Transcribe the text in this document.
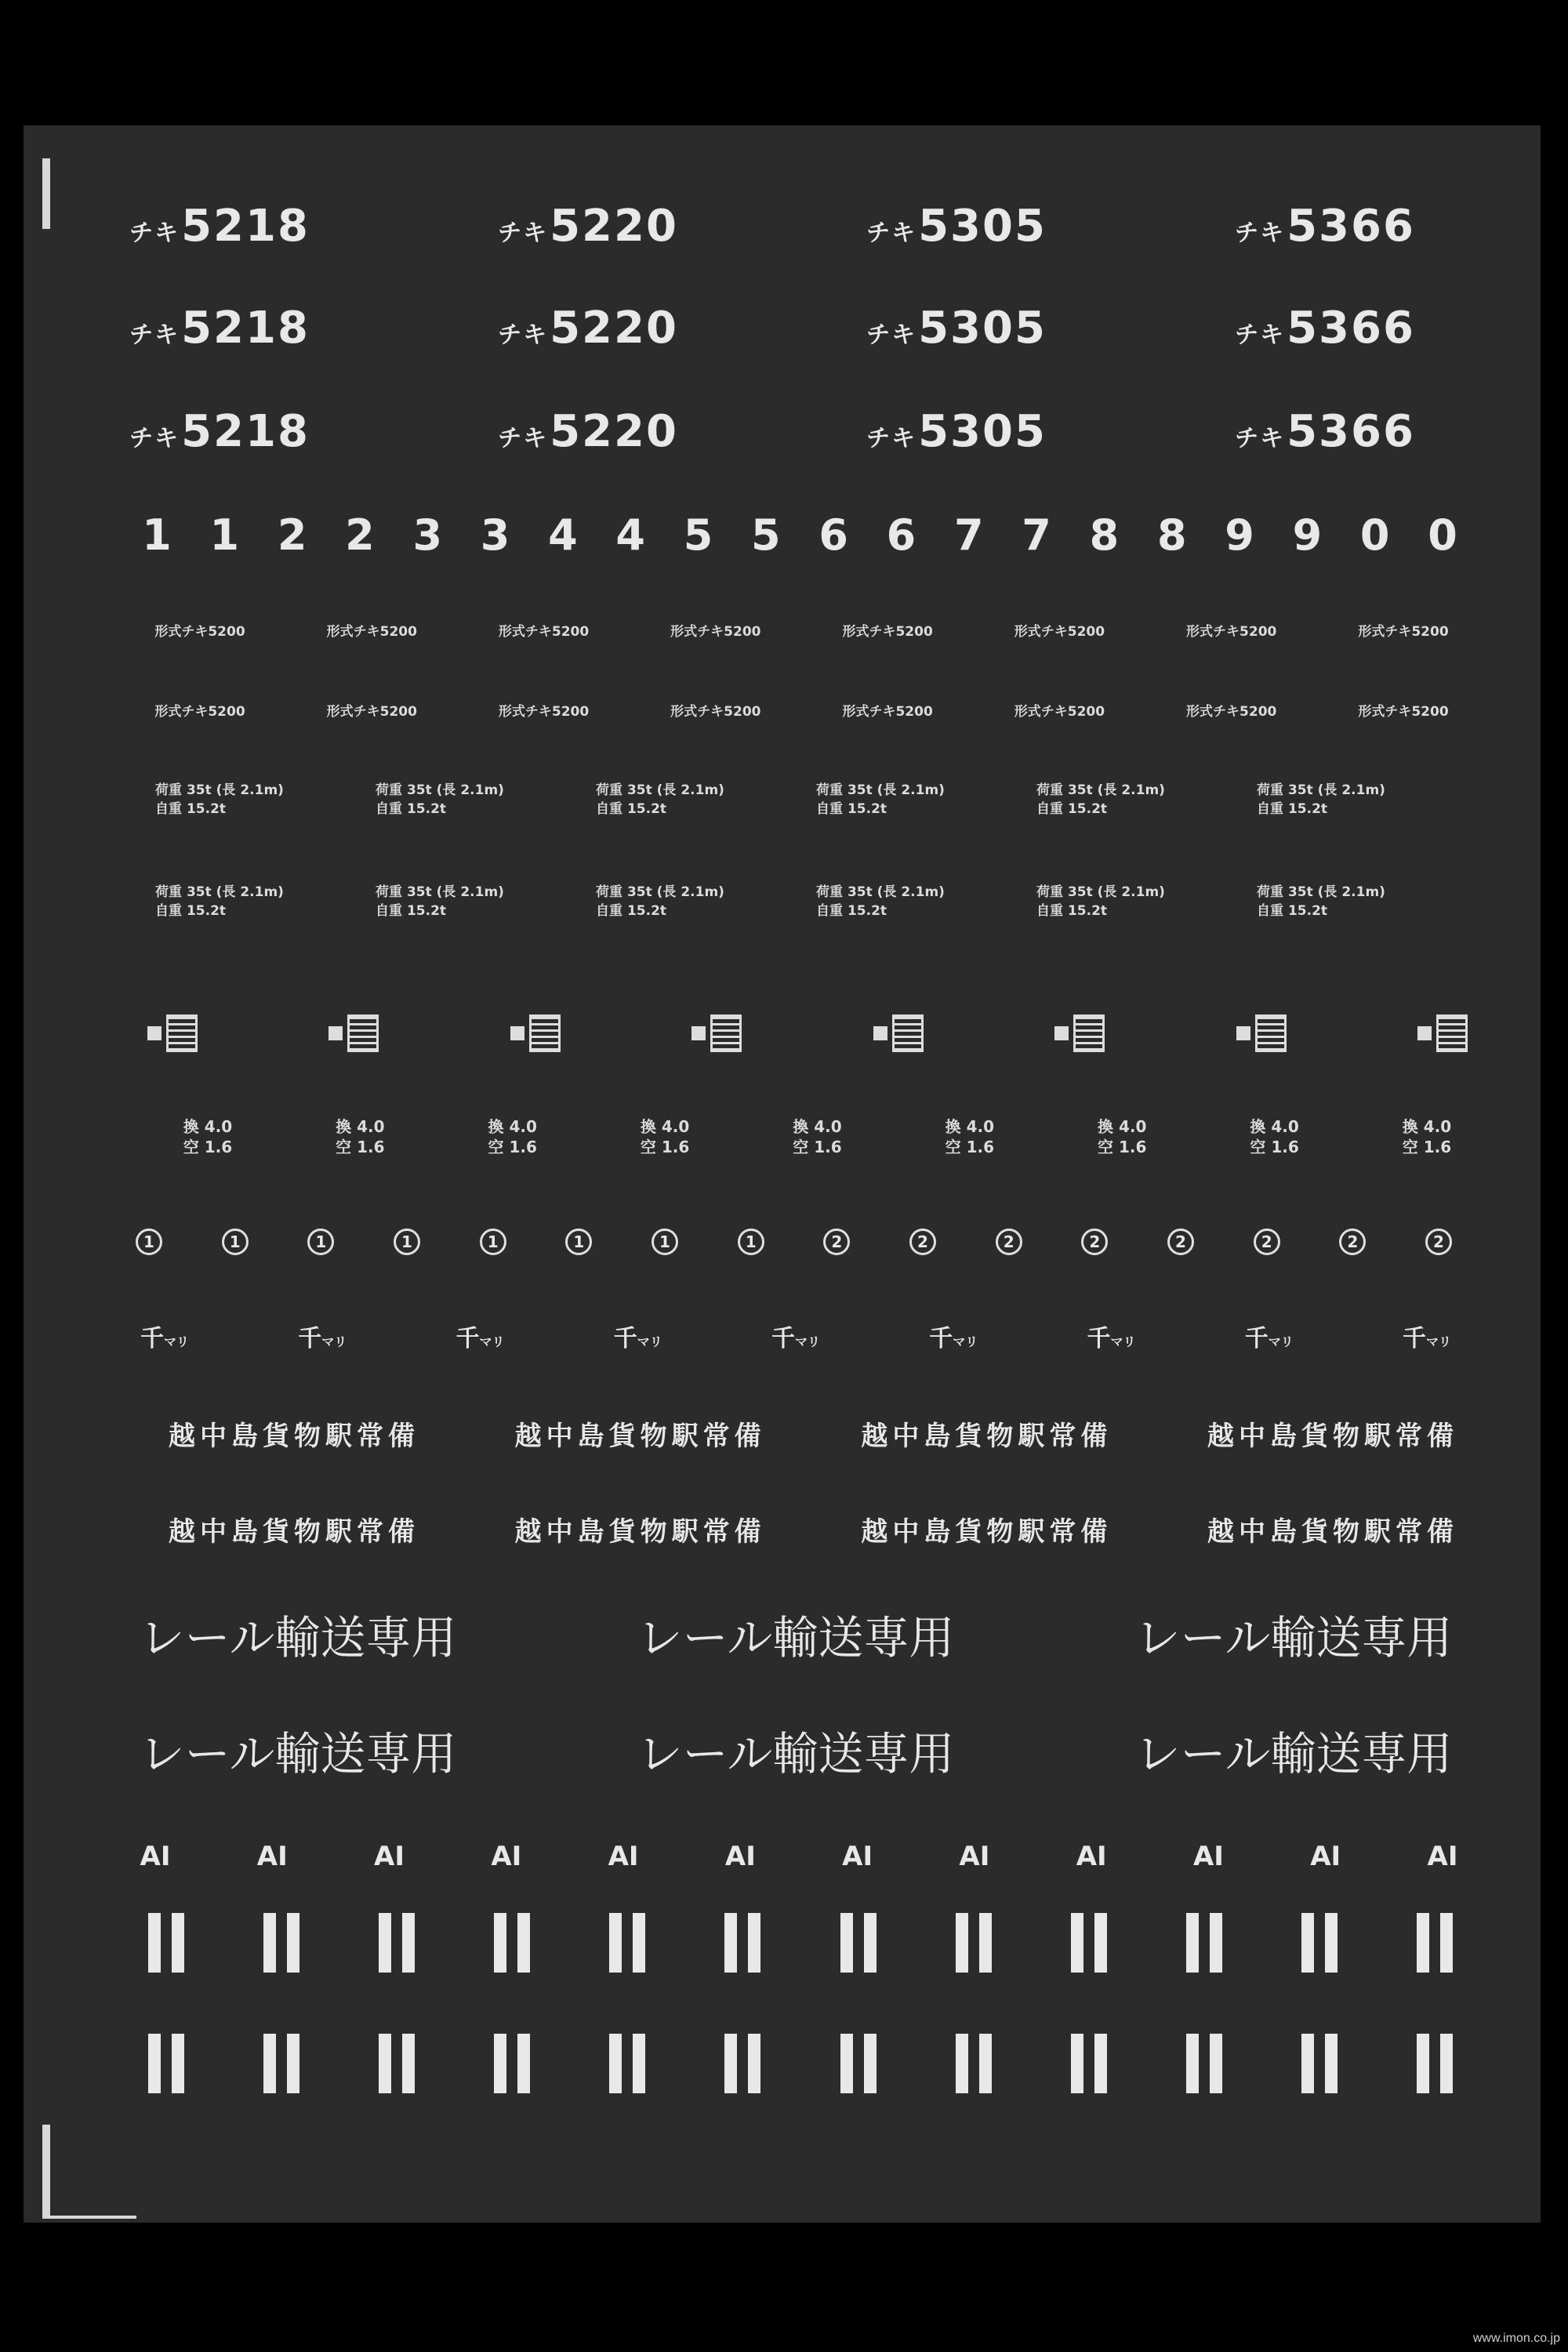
チキ5218	チキ5220	チキ5305	チキ5366
チキ5218	チキ5220	チキ5305	チキ5366
チキ5218	チキ5220	チキ5305	チキ5366
1 1 2 2 3 3 4 4 5 5 6 6 7 7 8 8 9 9 0 0
形式チキ5200	形式チキ5200	形式チキ5200	形式チキ5200	形式チキ5200	形式チキ5200	形式チキ5200	形式チキ5200
形式チキ5200	形式チキ5200	形式チキ5200	形式チキ5200	形式チキ5200	形式チキ5200	形式チキ5200	形式チキ5200
荷重 35t (長 2.1m)
自重 15.2t
荷重 35t (長 2.1m)
自重 15.2t
荷重 35t (長 2.1m)
自重 15.2t
荷重 35t (長 2.1m)
自重 15.2t
荷重 35t (長 2.1m)
自重 15.2t
荷重 35t (長 2.1m)
自重 15.2t
荷重 35t (長 2.1m)
自重 15.2t
荷重 35t (長 2.1m)
自重 15.2t
荷重 35t (長 2.1m)
自重 15.2t
荷重 35t (長 2.1m)
自重 15.2t
荷重 35t (長 2.1m)
自重 15.2t
荷重 35t (長 2.1m)
自重 15.2t
換 4.0
空 1.6
換 4.0
空 1.6
換 4.0
空 1.6
換 4.0
空 1.6
換 4.0
空 1.6
換 4.0
空 1.6
換 4.0
空 1.6
換 4.0
空 1.6
換 4.0
空 1.6
1	1	1	1	1	1	1	1	2	2	2	2	2	2	2	2
千マリ	千マリ	千マリ	千マリ	千マリ	千マリ	千マリ	千マリ	千マリ
越中島貨物駅常備	越中島貨物駅常備	越中島貨物駅常備	越中島貨物駅常備
越中島貨物駅常備	越中島貨物駅常備	越中島貨物駅常備	越中島貨物駅常備
レール輸送専用	レール輸送専用	レール輸送専用
レール輸送専用	レール輸送専用	レール輸送専用
AI	AI	AI	AI	AI	AI	AI	AI	AI	AI	AI	AI
www.imon.co.jp
